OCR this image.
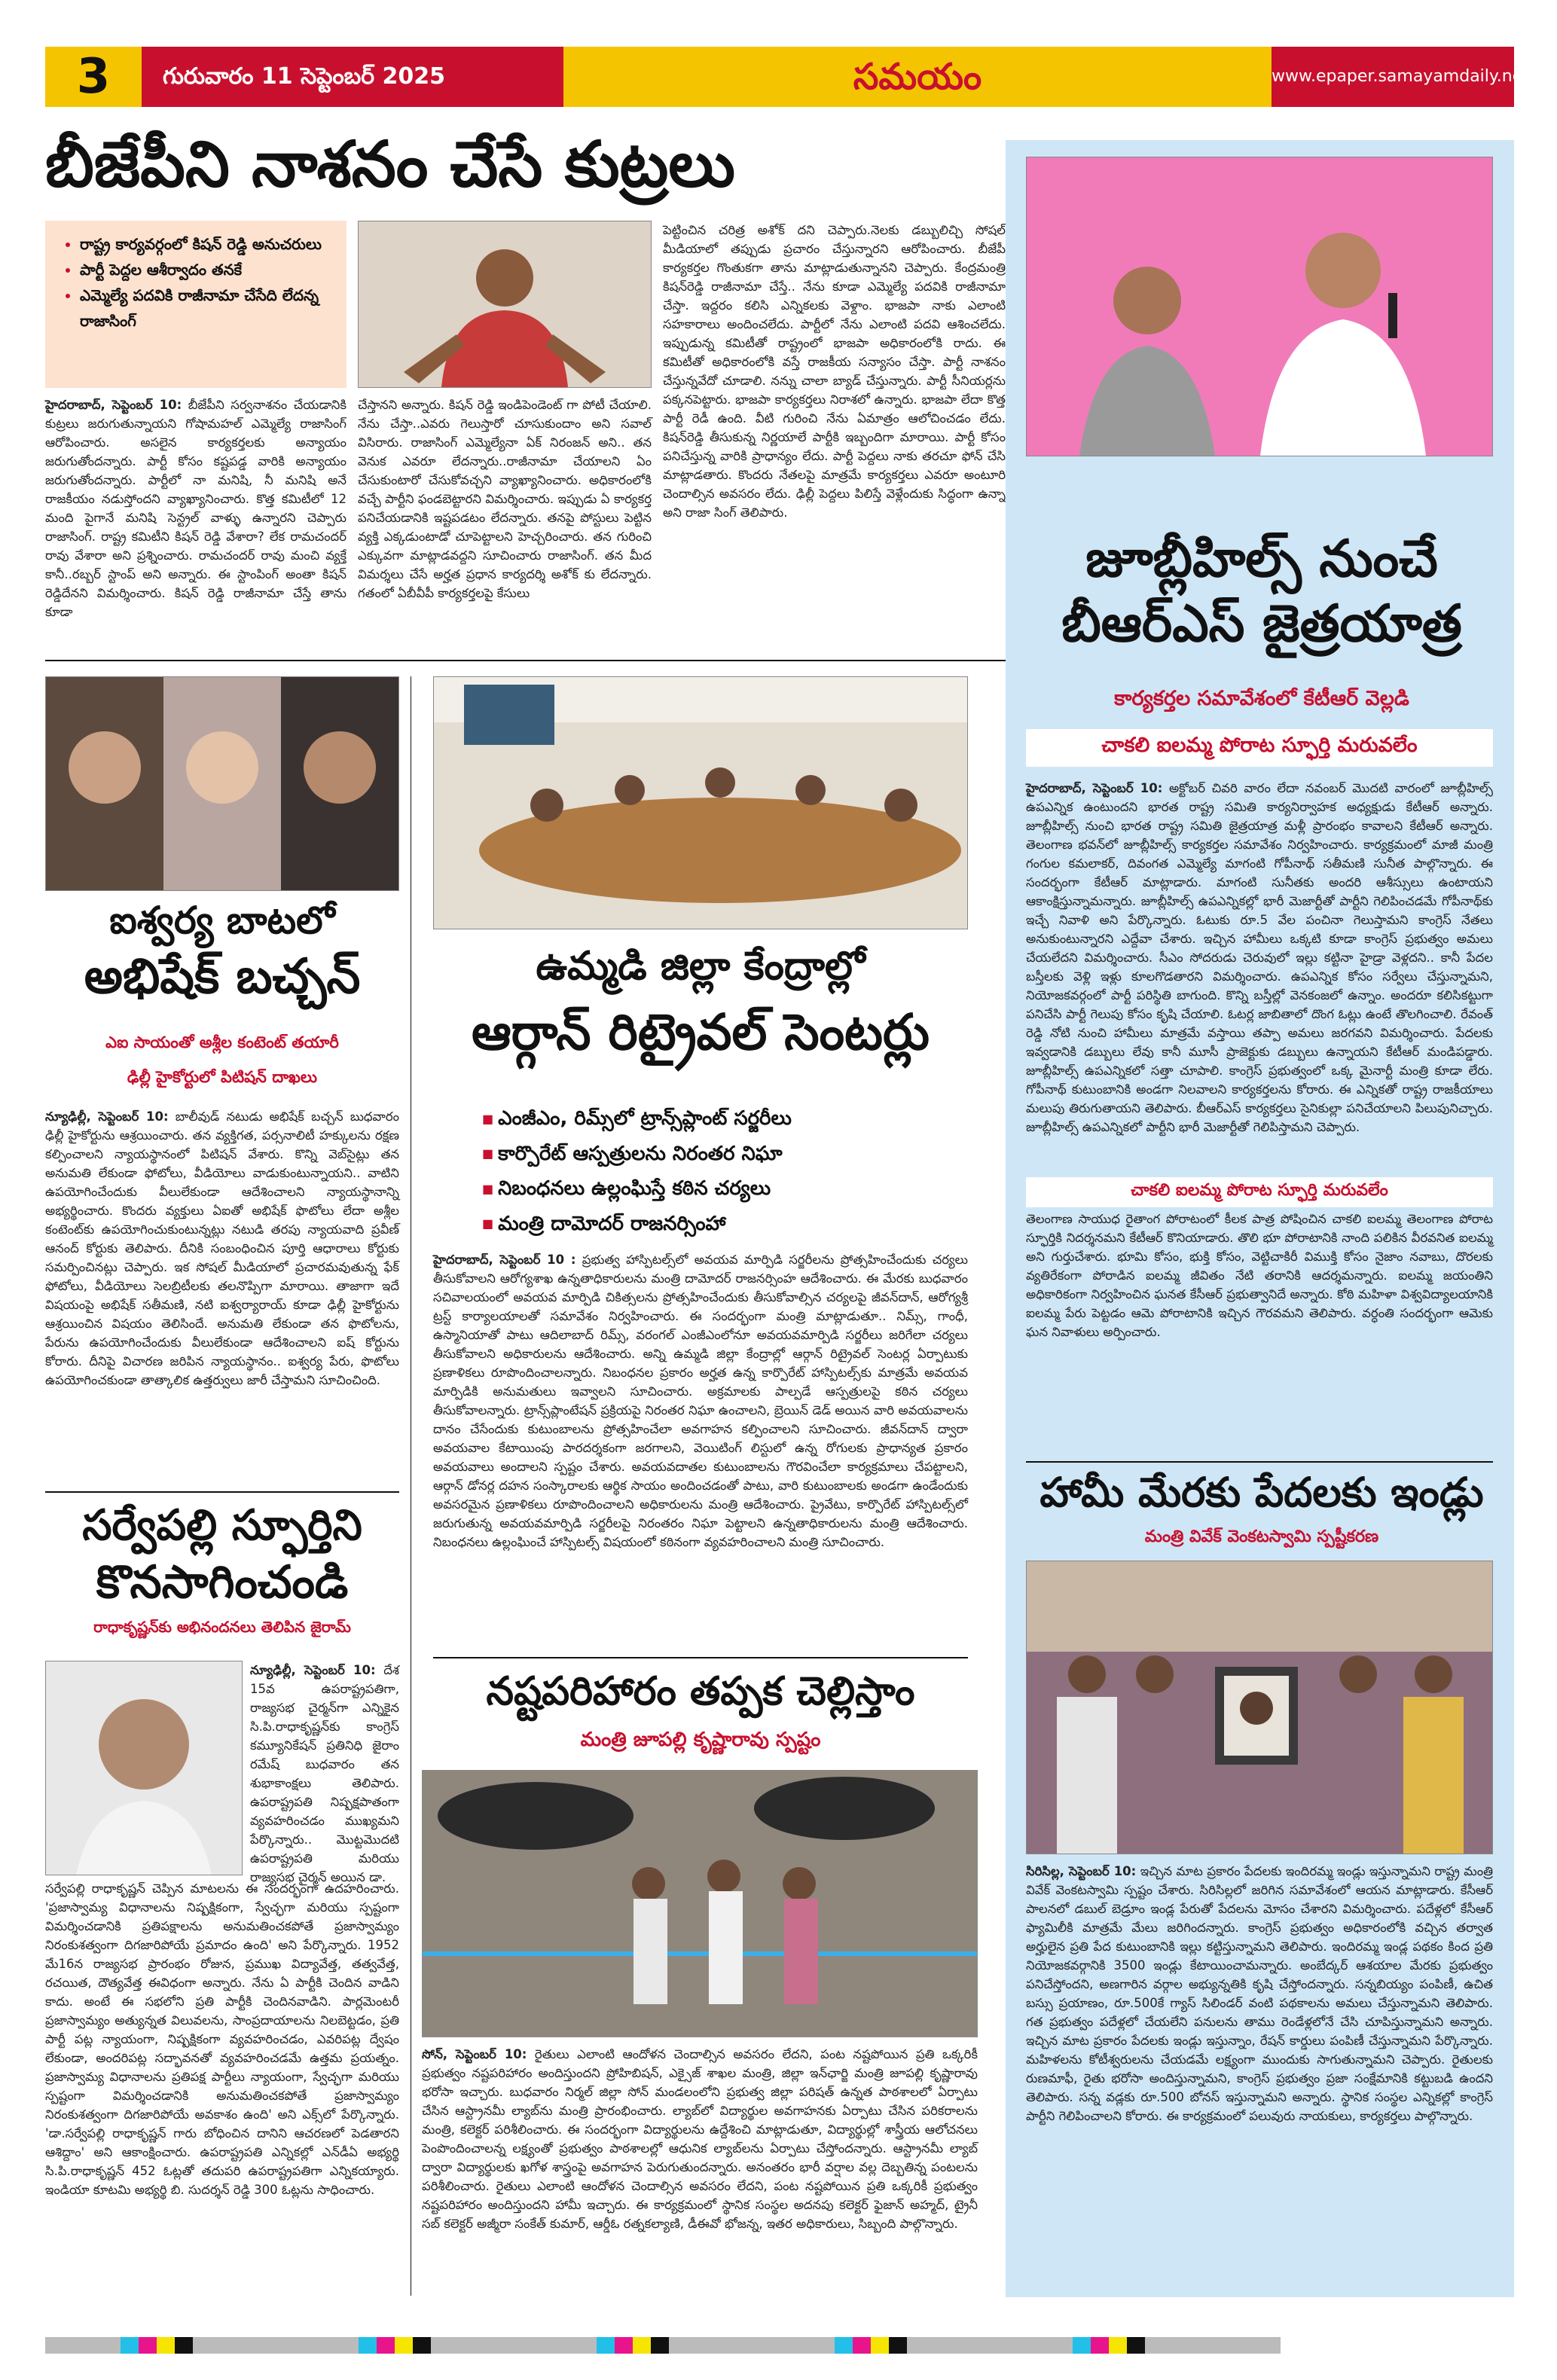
3	గురువారం 11 సెప్టెంబర్ 2025	సమయం	www.epaper.samayamdaily.net
బీజేపీని నాశనం చేసే కుట్రలు
• రాష్ట్ర కార్యవర్గంలో కిషన్ రెడ్డి అనుచరులు
• పార్టీ పెద్దల ఆశీర్వాదం తనకే
• ఎమ్మెల్యే పదవికి రాజీనామా చేసేది లేదన్న రాజాసింగ్
హైదరాబాద్, సెప్టెంబర్ 10: బీజేపీని సర్వనాశనం చేయడానికి కుట్రలు జరుగుతున్నాయని గోషామహల్ ఎమ్మెల్యే రాజాసింగ్ ఆరోపించారు. అసలైన కార్యకర్తలకు అన్యాయం జరుగుతోందన్నారు. పార్టీ కోసం కష్టపడ్డ వారికి అన్యాయం జరుగుతోందన్నారు. పార్టీలో నా మనిషి, నీ మనిషి అనే రాజకీయం నడుస్తోందని వ్యాఖ్యానించారు. కొత్త కమిటీలో 12 మంది పైగానే మనిషి సెన్ట్రల్ వాళ్ళు ఉన్నారని చెప్పారు రాజాసింగ్. రాష్ట్ర కమిటీని కిషన్ రెడ్డి వేశారా? లేక రామచందర్ రావు వేశారా అని ప్రశ్నించారు. రామచందర్ రావు మంచి వ్యక్తే కానీ..రబ్బర్ స్టాంప్ అని అన్నారు. ఈ స్టాంపింగ్ అంతా కిషన్ రెడ్డిదేనని విమర్శించారు. కిషన్ రెడ్డి రాజీనామా చేస్తే తాను కూడా
చేస్తానని అన్నారు. కిషన్ రెడ్డి ఇండిపెండెంట్ గా పోటీ చేయాలి. నేను చేస్తా..ఎవరు గెలుస్తారో చూసుకుందాం అని సవాల్ విసిరారు. రాజాసింగ్ ఎమ్మెల్యేనా ఏక్ నిరంజన్ అని.. తన వెనుక ఎవరూ లేదన్నారు..రాజీనామా చేయాలని ఏం చేసుకుంటారో చేసుకోవచ్చని వ్యాఖ్యానించారు. అధికారంలోకి వచ్చే పార్టీని ఫండబెట్టారని విమర్శించారు. ఇప్పుడు ఏ కార్యకర్త పనిచేయడానికి ఇష్టపడటం లేదన్నారు. తనపై పోస్టులు పెట్టిన వ్యక్తి ఎక్కడుంటాడో చూపెట్టాలని హెచ్చరించారు. తన గురించి ఎక్కువగా మాట్లాడవద్దని సూచించారు రాజాసింగ్. తన మీద విమర్శలు చేసే అర్హత ప్రధాన కార్యదర్శి అశోక్ కు లేదన్నారు. గతంలో ఏబీవీపీ కార్యకర్తలపై కేసులు
పెట్టించిన చరిత్ర అశోక్ దని చెప్పారు.నెలకు డబ్బులిచ్చి సోషల్ మీడియాలో తప్పుడు ప్రచారం చేస్తున్నారని ఆరోపించారు. బీజేపీ కార్యకర్తల గొంతుకగా తాను మాట్లాడుతున్నానని చెప్పారు. కేంద్రమంత్రి కిషన్‌రెడ్డి రాజీనామా చేస్తే.. నేను కూడా ఎమ్మెల్యే పదవికి రాజీనామా చేస్తా. ఇద్దరం కలిసి ఎన్నికలకు వెళ్దాం. భాజపా నాకు ఎలాంటి సహకారాలు అందించలేదు. పార్టీలో నేను ఎలాంటి పదవి ఆశించలేదు. ఇప్పుడున్న కమిటీతో రాష్ట్రంలో భాజపా అధికారంలోకి రాదు. ఈ కమిటీతో అధికారంలోకి వస్తే రాజకీయ సన్యాసం చేస్తా. పార్టీ నాశనం చేస్తున్నవేదో చూడాలి. నన్ను చాలా బ్యాడ్ చేస్తున్నారు. పార్టీ సీనియర్లను పక్కనపెట్టారు. భాజపా కార్యకర్తలు నిరాశలో ఉన్నారు. భాజపా లేదా కొత్త పార్టీ రెడీ ఉంది. వీటి గురించి నేను ఏమాత్రం ఆలోచించడం లేదు. కిషన్‌రెడ్డి తీసుకున్న నిర్ణయాలే పార్టీకి ఇబ్బందిగా మారాయి. పార్టీ కోసం పనిచేస్తున్న వారికి ప్రాధాన్యం లేదు. పార్టీ పెద్దలు నాకు తరచూ ఫోన్ చేసి మాట్లాడతారు. కొందరు నేతలపై మాత్రమే కార్యకర్తలు ఎవరూ అంటూరి చెందాల్సిన అవసరం లేదు. ఢిల్లీ పెద్దలు పిలిస్తే వెళ్లేందుకు సిద్ధంగా ఉన్నా అని రాజా సింగ్ తెలిపారు.
ఐశ్వర్య బాటలో
అభిషేక్ బచ్చన్
ఎఐ సాయంతో అశ్లీల కంటెంట్ తయారీ
ఢిల్లీ హైకోర్టులో పిటిషన్ దాఖలు
న్యూఢిల్లీ, సెప్టెంబర్ 10: బాలీవుడ్ నటుడు అభిషేక్ బచ్చన్ బుధవారం ఢిల్లీ హైకోర్టును ఆశ్రయించారు. తన వ్యక్తిగత, పర్సనాలిటీ హక్కులను రక్షణ కల్పించాలని న్యాయస్థానంలో పిటిషన్ వేశారు. కొన్ని వెబ్‌సైట్లు తన అనుమతి లేకుండా ఫోటోలు, వీడియోలు వాడుకుంటున్నాయని.. వాటిని ఉపయోగించేందుకు వీలులేకుండా ఆదేశించాలని న్యాయస్థానాన్ని అభ్యర్థించారు. కొందరు వ్యక్తులు ఏఐతో అభిషేక్ ఫొటోలు లేదా అశ్లీల కంటెంట్‌కు ఉపయోగించుకుంటున్నట్లు నటుడి తరపు న్యాయవాది ప్రవీణ్ ఆనంద్ కోర్టుకు తెలిపారు. దీనికి సంబంధించిన పూర్తి ఆధారాలు కోర్టుకు సమర్పించినట్లు చెప్పారు. ఇక సోషల్ మీడియాలో ప్రచారమవుతున్న ఫేక్ ఫోటోలు, వీడియోలు సెలబ్రిటీలకు తలనొప్పిగా మారాయి. తాజాగా ఇదే విషయంపై అభిషేక్ సతీమణి, నటి ఐశ్వర్యారాయ్ కూడా ఢిల్లీ హైకోర్టును ఆశ్రయించిన విషయం తెలిసిందే. అనుమతి లేకుండా తన ఫొటోలను, పేరును ఉపయోగించేందుకు వీలులేకుండా ఆదేశించాలని ఐష్ కోర్టును కోరారు. దీనిపై విచారణ జరిపిన న్యాయస్థానం.. ఐశ్వర్య పేరు, ఫొటోలు ఉపయోగించకుండా తాత్కాలిక ఉత్తర్వులు జారీ చేస్తామని సూచించింది.
సర్వేపల్లి స్ఫూర్తిని
కొనసాగించండి
రాధాకృష్ణన్‌కు అభినందనలు తెలిపిన జైరామ్
న్యూఢిల్లీ, సెప్టెంబర్ 10: దేశ 15వ ఉపరాష్ట్రపతిగా, రాజ్యసభ చైర్మన్‌గా ఎన్నికైన సి.పి.రాధాకృష్ణన్‌కు కాంగ్రెస్ కమ్యూనికేషన్ ప్రతినిధి జైరాం రమేష్ బుధవారం తన శుభాకాంక్షలు తెలిపారు. ఉపరాష్ట్రపతి నిష్పక్షపాతంగా వ్యవహరించడం ముఖ్యమని పేర్కొన్నారు.. మొట్టమొదటి ఉపరాష్ట్రపతి మరియు రాజ్యసభ చైర్మన్ అయిన డా.
సర్వేపల్లి రాధాకృష్ణన్ చెప్పిన మాటలను ఈ సందర్భంగా ఉదహరించారు. 'ప్రజాస్వామ్య విధానాలను నిష్పక్షికంగా, స్వేచ్ఛగా మరియు స్పష్టంగా విమర్శించడానికి ప్రతిపక్షాలను అనుమతించకపోతే ప్రజాస్వామ్యం నిరంకుశత్వంగా దిగజారిపోయే ప్రమాదం ఉంది' అని పేర్కొన్నారు. 1952 మే16న రాజ్యసభ ప్రారంభం రోజున, ప్రముఖ విద్యావేత్త, తత్వవేత్త, రచయిత, దౌత్యవేత్త ఈవిధంగా అన్నారు. నేను ఏ పార్టీకి చెందిన వాడిని కాదు. అంటే ఈ సభలోని ప్రతి పార్టీకి చెందినవాడిని. పార్లమెంటరీ ప్రజాస్వామ్యం అత్యున్నత విలువలను, సాంప్రదాయాలను నిలబెట్టడం, ప్రతి పార్టీ పట్ల న్యాయంగా, నిష్పక్షికంగా వ్యవహరించడం, ఎవరిపట్ల ద్వేషం లేకుండా, అందరిపట్ల సద్భావనతో వ్యవహరించడమే ఉత్తమ ప్రయత్నం. ప్రజాస్వామ్య విధానాలను ప్రతిపక్ష పార్టీలు న్యాయంగా, స్వేచ్ఛగా మరియు స్పష్టంగా విమర్శించడానికి అనుమతించకపోతే ప్రజాస్వామ్యం నిరంకుశత్వంగా దిగజారిపోయే అవకాశం ఉంది' అని ఎక్స్‌లో పేర్కొన్నారు. 'డా.సర్వేపల్లి రాధాకృష్ణన్ గారు బోధించిన దానిని ఆచరణలో పెడతారని ఆశిద్దాం' అని ఆకాంక్షించారు. ఉపరాష్ట్రపతి ఎన్నికల్లో ఎన్‌డీఏ అభ్యర్థి సి.పి.రాధాకృష్ణన్ 452 ఓట్లతో తదుపరి ఉపరాష్ట్రపతిగా ఎన్నికయ్యారు. ఇండియా కూటమి అభ్యర్థి బి. సుదర్శన్ రెడ్డి 300 ఓట్లను సాధించారు.
ఉమ్మడి జిల్లా కేంద్రాల్లో
ఆర్గాన్ రిట్రైవల్ సెంటర్లు
■ ఎంజీఎం, రిమ్స్‌లో ట్రాన్స్‌ప్లాంట్ సర్జరీలు
■ కార్పొరేట్ ఆస్పత్రులను నిరంతర నిఘా
■ నిబంధనలు ఉల్లంఘిస్తే కఠిన చర్యలు
■ మంత్రి దామోదర్ రాజనర్సింహా
హైదరాబాద్, సెప్టెంబర్ 10 : ప్రభుత్వ హాస్పిటల్స్‌లో అవయవ మార్పిడి సర్జరీలను ప్రోత్సహించేందుకు చర్యలు తీసుకోవాలని ఆరోగ్యశాఖ ఉన్నతాధికారులను మంత్రి దామోదర్ రాజనర్సింహ ఆదేశించారు. ఈ మేరకు బుధవారం సచివాలయంలో అవయవ మార్పిడి చికిత్సలను ప్రోత్సహించేందుకు తీసుకోవాల్సిన చర్యలపై జీవన్‌దాన్, ఆరోగ్యశ్రీ ట్రస్ట్ కార్యాలయాలతో సమావేశం నిర్వహించారు. ఈ సందర్భంగా మంత్రి మాట్లాడుతూ.. నిమ్స్, గాంధీ, ఉస్మానియాతో పాటు ఆదిలాబాద్ రిమ్స్, వరంగల్ ఎంజీఎంలోనూ అవయవమార్పిడి సర్జరీలు జరిగేలా చర్యలు తీసుకోవాలని అధికారులను ఆదేశించారు. అన్ని ఉమ్మడి జిల్లా కేంద్రాల్లో ఆర్గాన్ రిట్రైవల్ సెంటర్ల ఏర్పాటుకు ప్రణాళికలు రూపొందించాలన్నారు. నిబంధనల ప్రకారం అర్హత ఉన్న కార్పొరేట్ హాస్పిటల్స్‌కు మాత్రమే అవయవ మార్పిడికి అనుమతులు ఇవ్వాలని సూచించారు. అక్రమాలకు పాల్పడే ఆస్పత్రులపై కఠిన చర్యలు తీసుకోవాలన్నారు. ట్రాన్స్‌ప్లాంటేషన్ ప్రక్రియపై నిరంతర నిఘా ఉంచాలని, బ్రెయిన్ డెడ్ అయిన వారి అవయవాలను దానం చేసేందుకు కుటుంబాలను ప్రోత్సహించేలా అవగాహన కల్పించాలని సూచించారు. జీవన్‌దాన్ ద్వారా అవయవాల కేటాయింపు పారదర్శకంగా జరగాలని, వెయిటింగ్ లిస్టులో ఉన్న రోగులకు ప్రాధాన్యత ప్రకారం అవయవాలు అందాలని స్పష్టం చేశారు. అవయవదాతల కుటుంబాలను గౌరవించేలా కార్యక్రమాలు చేపట్టాలని, ఆర్గాన్ డోనర్ల దహన సంస్కారాలకు ఆర్థిక సాయం అందించడంతో పాటు, వారి కుటుంబాలకు అండగా ఉండేందుకు అవసరమైన ప్రణాళికలు రూపొందించాలని అధికారులను మంత్రి ఆదేశించారు. ప్రైవేటు, కార్పొరేట్ హాస్పిటల్స్‌లో జరుగుతున్న అవయవమార్పిడి సర్జరీలపై నిరంతరం నిఘా పెట్టాలని ఉన్నతాధికారులను మంత్రి ఆదేశించారు. నిబంధనలు ఉల్లంఘించే హాస్పిటల్స్ విషయంలో కఠినంగా వ్యవహరించాలని మంత్రి సూచించారు.
నష్టపరిహారం తప్పక చెల్లిస్తాం
మంత్రి జూపల్లి కృష్ణారావు స్పష్టం
సోన్, సెప్టెంబర్ 10: రైతులు ఎలాంటి ఆందోళన చెందాల్సిన అవసరం లేదని, పంట నష్టపోయిన ప్రతి ఒక్కరికీ ప్రభుత్వం నష్టపరిహారం అందిస్తుందని ప్రోహిబిషన్, ఎక్సైజ్ శాఖల మంత్రి, జిల్లా ఇన్‌ఛార్జి మంత్రి జూపల్లి కృష్ణారావు భరోసా ఇచ్చారు. బుధవారం నిర్మల్ జిల్లా సోన్ మండలంలోని ప్రభుత్వ జిల్లా పరిషత్ ఉన్నత పాఠశాలలో ఏర్పాటు చేసిన ఆస్ట్రానమీ ల్యాబ్‌ను మంత్రి ప్రారంభించారు. ల్యాబ్‌లో విద్యార్థుల అవగాహనకు ఏర్పాటు చేసిన పరికరాలను మంత్రి, కలెక్టర్ పరిశీలించారు. ఈ సందర్భంగా విద్యార్థులను ఉద్దేశించి మాట్లాడుతూ, విద్యార్థుల్లో శాస్త్రీయ ఆలోచనలు పెంపొందించాలన్న లక్ష్యంతో ప్రభుత్వం పాఠశాలల్లో ఆధునిక ల్యాబ్‌లను ఏర్పాటు చేస్తోందన్నారు. ఆస్ట్రానమీ ల్యాబ్ ద్వారా విద్యార్థులకు ఖగోళ శాస్త్రంపై అవగాహన పెరుగుతుందన్నారు. అనంతరం భారీ వర్షాల వల్ల దెబ్బతిన్న పంటలను పరిశీలించారు. రైతులు ఎలాంటి ఆందోళన చెందాల్సిన అవసరం లేదని, పంట నష్టపోయిన ప్రతి ఒక్కరికీ ప్రభుత్వం నష్టపరిహారం అందిస్తుందని హామీ ఇచ్చారు. ఈ కార్యక్రమంలో స్థానిక సంస్థల అదనపు కలెక్టర్ ఫైజాన్ అహ్మద్, ట్రైనీ సబ్ కలెక్టర్ అజ్మీరా సంకేత్ కుమార్, ఆర్డీఓ రత్నకల్యాణి, డీఈవో భోజన్న, ఇతర అధికారులు, సిబ్బంది పాల్గొన్నారు.
జూబ్లీహిల్స్ నుంచే
బీఆర్ఎస్ జైత్రయాత్ర
కార్యకర్తల సమావేశంలో కేటీఆర్ వెల్లడి
చాకలి ఐలమ్మ పోరాట స్ఫూర్తి మరువలేం
హైదరాబాద్, సెప్టెంబర్ 10: అక్టోబర్ చివరి వారం లేదా నవంబర్ మొదటి వారంలో జూబ్లీహిల్స్ ఉపఎన్నిక ఉంటుందని భారత రాష్ట్ర సమితి కార్యనిర్వాహక అధ్యక్షుడు కేటీఆర్ అన్నారు. జూబ్లీహిల్స్ నుంచి భారత రాష్ట్ర సమితి జైత్రయాత్ర మళ్లీ ప్రారంభం కావాలని కేటీఆర్ అన్నారు. తెలంగాణ భవన్‌లో జూబ్లీహిల్స్ కార్యకర్తల సమావేశం నిర్వహించారు. కార్యక్రమంలో మాజీ మంత్రి గంగుల కమలాకర్, దివంగత ఎమ్మెల్యే మాగంటి గోపీనాథ్ సతీమణి సునీత పాల్గొన్నారు. ఈ సందర్భంగా కేటీఆర్ మాట్లాడారు. మాగంటి సునీతకు అందరి ఆశీస్సులు ఉంటాయని ఆకాంక్షిస్తున్నామన్నారు. జూబ్లీహిల్స్ ఉపఎన్నికల్లో భారీ మెజార్టీతో పార్టీని గెలిపించడమే గోపీనాథ్‌కు ఇచ్చే నివాళి అని పేర్కొన్నారు. ఓటుకు రూ.5 వేల పంచినా గెలుస్తామని కాంగ్రెస్ నేతలు అనుకుంటున్నారని ఎద్దేవా చేశారు. ఇచ్చిన హామీలు ఒక్కటి కూడా కాంగ్రెస్ ప్రభుత్వం అమలు చేయలేదని విమర్శించారు. సీఎం సోదరుడు చెరువులో ఇల్లు కట్టినా హైడ్రా వెళ్లదని.. కానీ పేదల బస్తీలకు వెళ్లి ఇళ్లు కూలగొడతారని విమర్శించారు. ఉపఎన్నిక కోసం సర్వేలు చేస్తున్నామని, నియోజకవర్గంలో పార్టీ పరిస్థితి బాగుంది. కొన్ని బస్తీల్లో వెనకంజలో ఉన్నాం. అందరూ కలిసికట్టుగా పనిచేసి పార్టీ గెలుపు కోసం కృషి చేయాలి. ఓటర్ల జాబితాలో దొంగ ఓట్లు ఉంటే తొలగించాలి. రేవంత్ రెడ్డి నోటి నుంచి హామీలు మాత్రమే వస్తాయి తప్పా అమలు జరగవని విమర్శించారు. పేదలకు ఇవ్వడానికి డబ్బులు లేవు కానీ మూసీ ప్రాజెక్టుకు డబ్బులు ఉన్నాయని కేటీఆర్ మండిపడ్డారు. జూబ్లీహిల్స్ ఉపఎన్నికలో సత్తా చూపాలి. కాంగ్రెస్ ప్రభుత్వంలో ఒక్క మైనార్టీ మంత్రి కూడా లేరు. గోపీనాథ్ కుటుంబానికి అండగా నిలవాలని కార్యకర్తలను కోరారు. ఈ ఎన్నికతో రాష్ట్ర రాజకీయాలు మలుపు తిరుగుతాయని తెలిపారు. బీఆర్ఎస్ కార్యకర్తలు సైనికుల్లా పనిచేయాలని పిలుపునిచ్చారు. జూబ్లీహిల్స్ ఉపఎన్నికలో పార్టీని భారీ మెజార్టీతో గెలిపిస్తామని చెప్పారు.
చాకలి ఐలమ్మ పోరాట స్ఫూర్తి మరువలేం
తెలంగాణ సాయుధ రైతాంగ పోరాటంలో కీలక పాత్ర పోషించిన చాకలి ఐలమ్మ తెలంగాణ పోరాట స్ఫూర్తికి నిదర్శనమని కేటీఆర్ కొనియాడారు. తొలి భూ పోరాటానికి నాంది పలికిన వీరవనిత ఐలమ్మ అని గుర్తుచేశారు. భూమి కోసం, భుక్తి కోసం, వెట్టిచాకిరీ విముక్తి కోసం నైజాం నవాబు, దొరలకు వ్యతిరేకంగా పోరాడిన ఐలమ్మ జీవితం నేటి తరానికి ఆదర్శమన్నారు. ఐలమ్మ జయంతిని అధికారికంగా నిర్వహించిన ఘనత కేసీఆర్ ప్రభుత్వానిదే అన్నారు. కోఠి మహిళా విశ్వవిద్యాలయానికి ఐలమ్మ పేరు పెట్టడం ఆమె పోరాటానికి ఇచ్చిన గౌరవమని తెలిపారు. వర్ధంతి సందర్భంగా ఆమెకు ఘన నివాళులు అర్పించారు.
హామీ మేరకు పేదలకు ఇండ్లు
మంత్రి వివేక్ వెంకటస్వామి స్పష్టీకరణ
సిరిసిల్ల, సెప్టెంబర్ 10: ఇచ్చిన మాట ప్రకారం పేదలకు ఇందిరమ్మ ఇండ్లు ఇస్తున్నామని రాష్ట్ర మంత్రి వివేక్ వెంకటస్వామి స్పష్టం చేశారు. సిరిసిల్లలో జరిగిన సమావేశంలో ఆయన మాట్లాడారు. కేసీఆర్ పాలనలో డబుల్ బెడ్రూం ఇండ్ల పేరుతో పేదలను మోసం చేశారని విమర్శించారు. పదేళ్లలో కేసీఆర్ ఫ్యామిలీకి మాత్రమే మేలు జరిగిందన్నారు. కాంగ్రెస్ ప్రభుత్వం అధికారంలోకి వచ్చిన తర్వాత అర్హులైన ప్రతి పేద కుటుంబానికి ఇల్లు కట్టిస్తున్నామని తెలిపారు. ఇందిరమ్మ ఇండ్ల పథకం కింద ప్రతి నియోజకవర్గానికి 3500 ఇండ్లు కేటాయించామన్నారు. అంబేద్కర్ ఆశయాల మేరకు ప్రభుత్వం పనిచేస్తోందని, అణగారిన వర్గాల అభ్యున్నతికి కృషి చేస్తోందన్నారు. సన్నబియ్యం పంపిణీ, ఉచిత బస్సు ప్రయాణం, రూ.500కే గ్యాస్ సిలిండర్ వంటి పథకాలను అమలు చేస్తున్నామని తెలిపారు. గత ప్రభుత్వం పదేళ్లలో చేయలేని పనులను తాము రెండేళ్లలోనే చేసి చూపిస్తున్నామని అన్నారు. ఇచ్చిన మాట ప్రకారం పేదలకు ఇండ్లు ఇస్తున్నాం, రేషన్ కార్డులు పంపిణీ చేస్తున్నామని పేర్కొన్నారు. మహిళలను కోటీశ్వరులను చేయడమే లక్ష్యంగా ముందుకు సాగుతున్నామని చెప్పారు. రైతులకు రుణమాఫీ, రైతు భరోసా అందిస్తున్నామని, కాంగ్రెస్ ప్రభుత్వం ప్రజా సంక్షేమానికి కట్టుబడి ఉందని తెలిపారు. సన్న వడ్లకు రూ.500 బోనస్ ఇస్తున్నామని అన్నారు. స్థానిక సంస్థల ఎన్నికల్లో కాంగ్రెస్ పార్టీని గెలిపించాలని కోరారు. ఈ కార్యక్రమంలో పలువురు నాయకులు, కార్యకర్తలు పాల్గొన్నారు.
